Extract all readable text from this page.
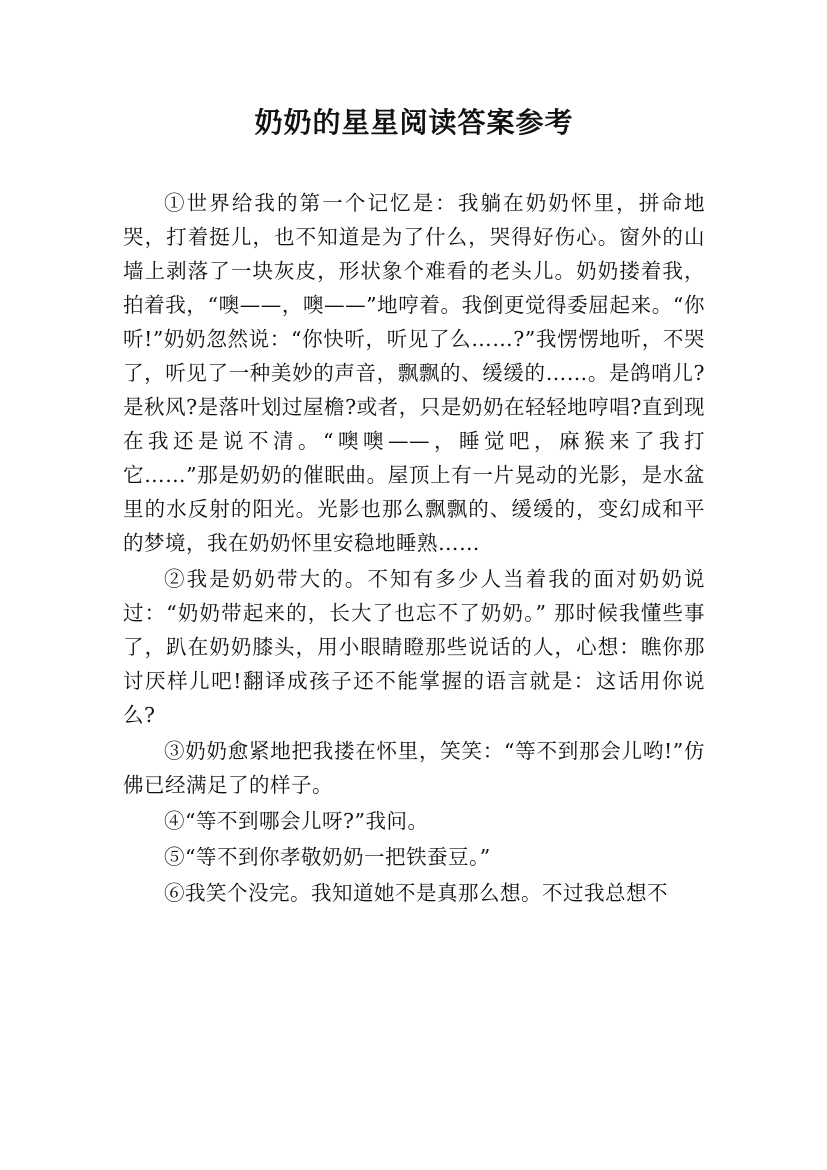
奶奶的星星阅读答案参考

①世界给我的第一个记忆是：我躺在奶奶怀里，拼命地哭，打着挺儿，也不知道是为了什么，哭得好伤心。窗外的山墙上剥落了一块灰皮，形状象个难看的老头儿。奶奶搂着我，拍着我，“噢——，噢——”地哼着。我倒更觉得委屈起来。“你听!”奶奶忽然说：“你快听，听见了么……?”我愣愣地听，不哭了，听见了一种美妙的声音，飘飘的、缓缓的……。是鸽哨儿?是秋风?是落叶划过屋檐?或者，只是奶奶在轻轻地哼唱?直到现在我还是说不清。“噢噢——，睡觉吧，麻猴来了我打它……”那是奶奶的催眠曲。屋顶上有一片晃动的光影，是水盆里的水反射的阳光。光影也那么飘飘的、缓缓的，变幻成和平的梦境，我在奶奶怀里安稳地睡熟……

②我是奶奶带大的。不知有多少人当着我的面对奶奶说过：“奶奶带起来的，长大了也忘不了奶奶。” 那时候我懂些事了，趴在奶奶膝头，用小眼睛瞪那些说话的人，心想：瞧你那讨厌样儿吧!翻译成孩子还不能掌握的语言就是：这话用你说么?

③奶奶愈紧地把我搂在怀里，笑笑：“等不到那会儿哟!”仿佛已经满足了的样子。

④“等不到哪会儿呀?”我问。

⑤“等不到你孝敬奶奶一把铁蚕豆。”

⑥我笑个没完。我知道她不是真那么想。不过我总想不
